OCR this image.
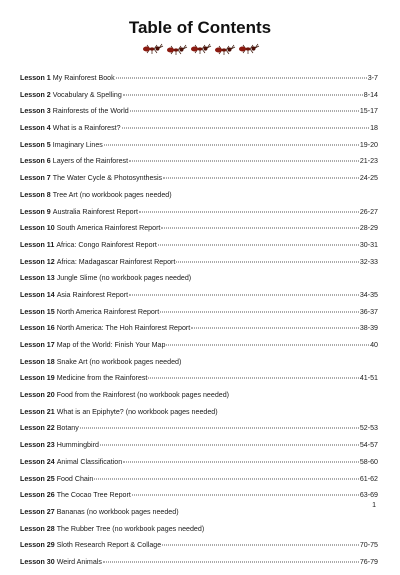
Table of Contents
Lesson 1 My Rainforest Book	3-7
Lesson 2 Vocabulary & Spelling	8-14
Lesson 3 Rainforests of the World	15-17
Lesson 4 What is a Rainforest?	18
Lesson 5 Imaginary Lines	19-20
Lesson 6 Layers of the Rainforest	21-23
Lesson 7 The Water Cycle & Photosynthesis	24-25
Lesson 8 Tree Art (no workbook pages needed)
Lesson 9 Australia Rainforest Report	26-27
Lesson 10 South America Rainforest Report	28-29
Lesson 11 Africa: Congo Rainforest Report	30-31
Lesson 12 Africa: Madagascar Rainforest Report	32-33
Lesson 13 Jungle Slime (no workbook pages needed)
Lesson 14 Asia Rainforest Report	34-35
Lesson 15 North America Rainforest Report	36-37
Lesson 16 North America: The Hoh Rainforest Report	38-39
Lesson 17 Map of the World: Finish Your Map	40
Lesson 18 Snake Art (no workbook pages needed)
Lesson 19 Medicine from the Rainforest	41-51
Lesson 20 Food from the Rainforest (no workbook pages needed)
Lesson 21 What is an Epiphyte? (no workbook pages needed)
Lesson 22 Botany	52-53
Lesson 23 Hummingbird	54-57
Lesson 24 Animal Classification	58-60
Lesson 25 Food Chain	61-62
Lesson 26 The Cocao Tree Report	63-69
Lesson 27 Bananas (no workbook pages needed)
Lesson 28 The Rubber Tree (no workbook pages needed)
Lesson 29 Sloth Research Report & Collage	70-75
Lesson 30 Weird Animals	76-79
1
